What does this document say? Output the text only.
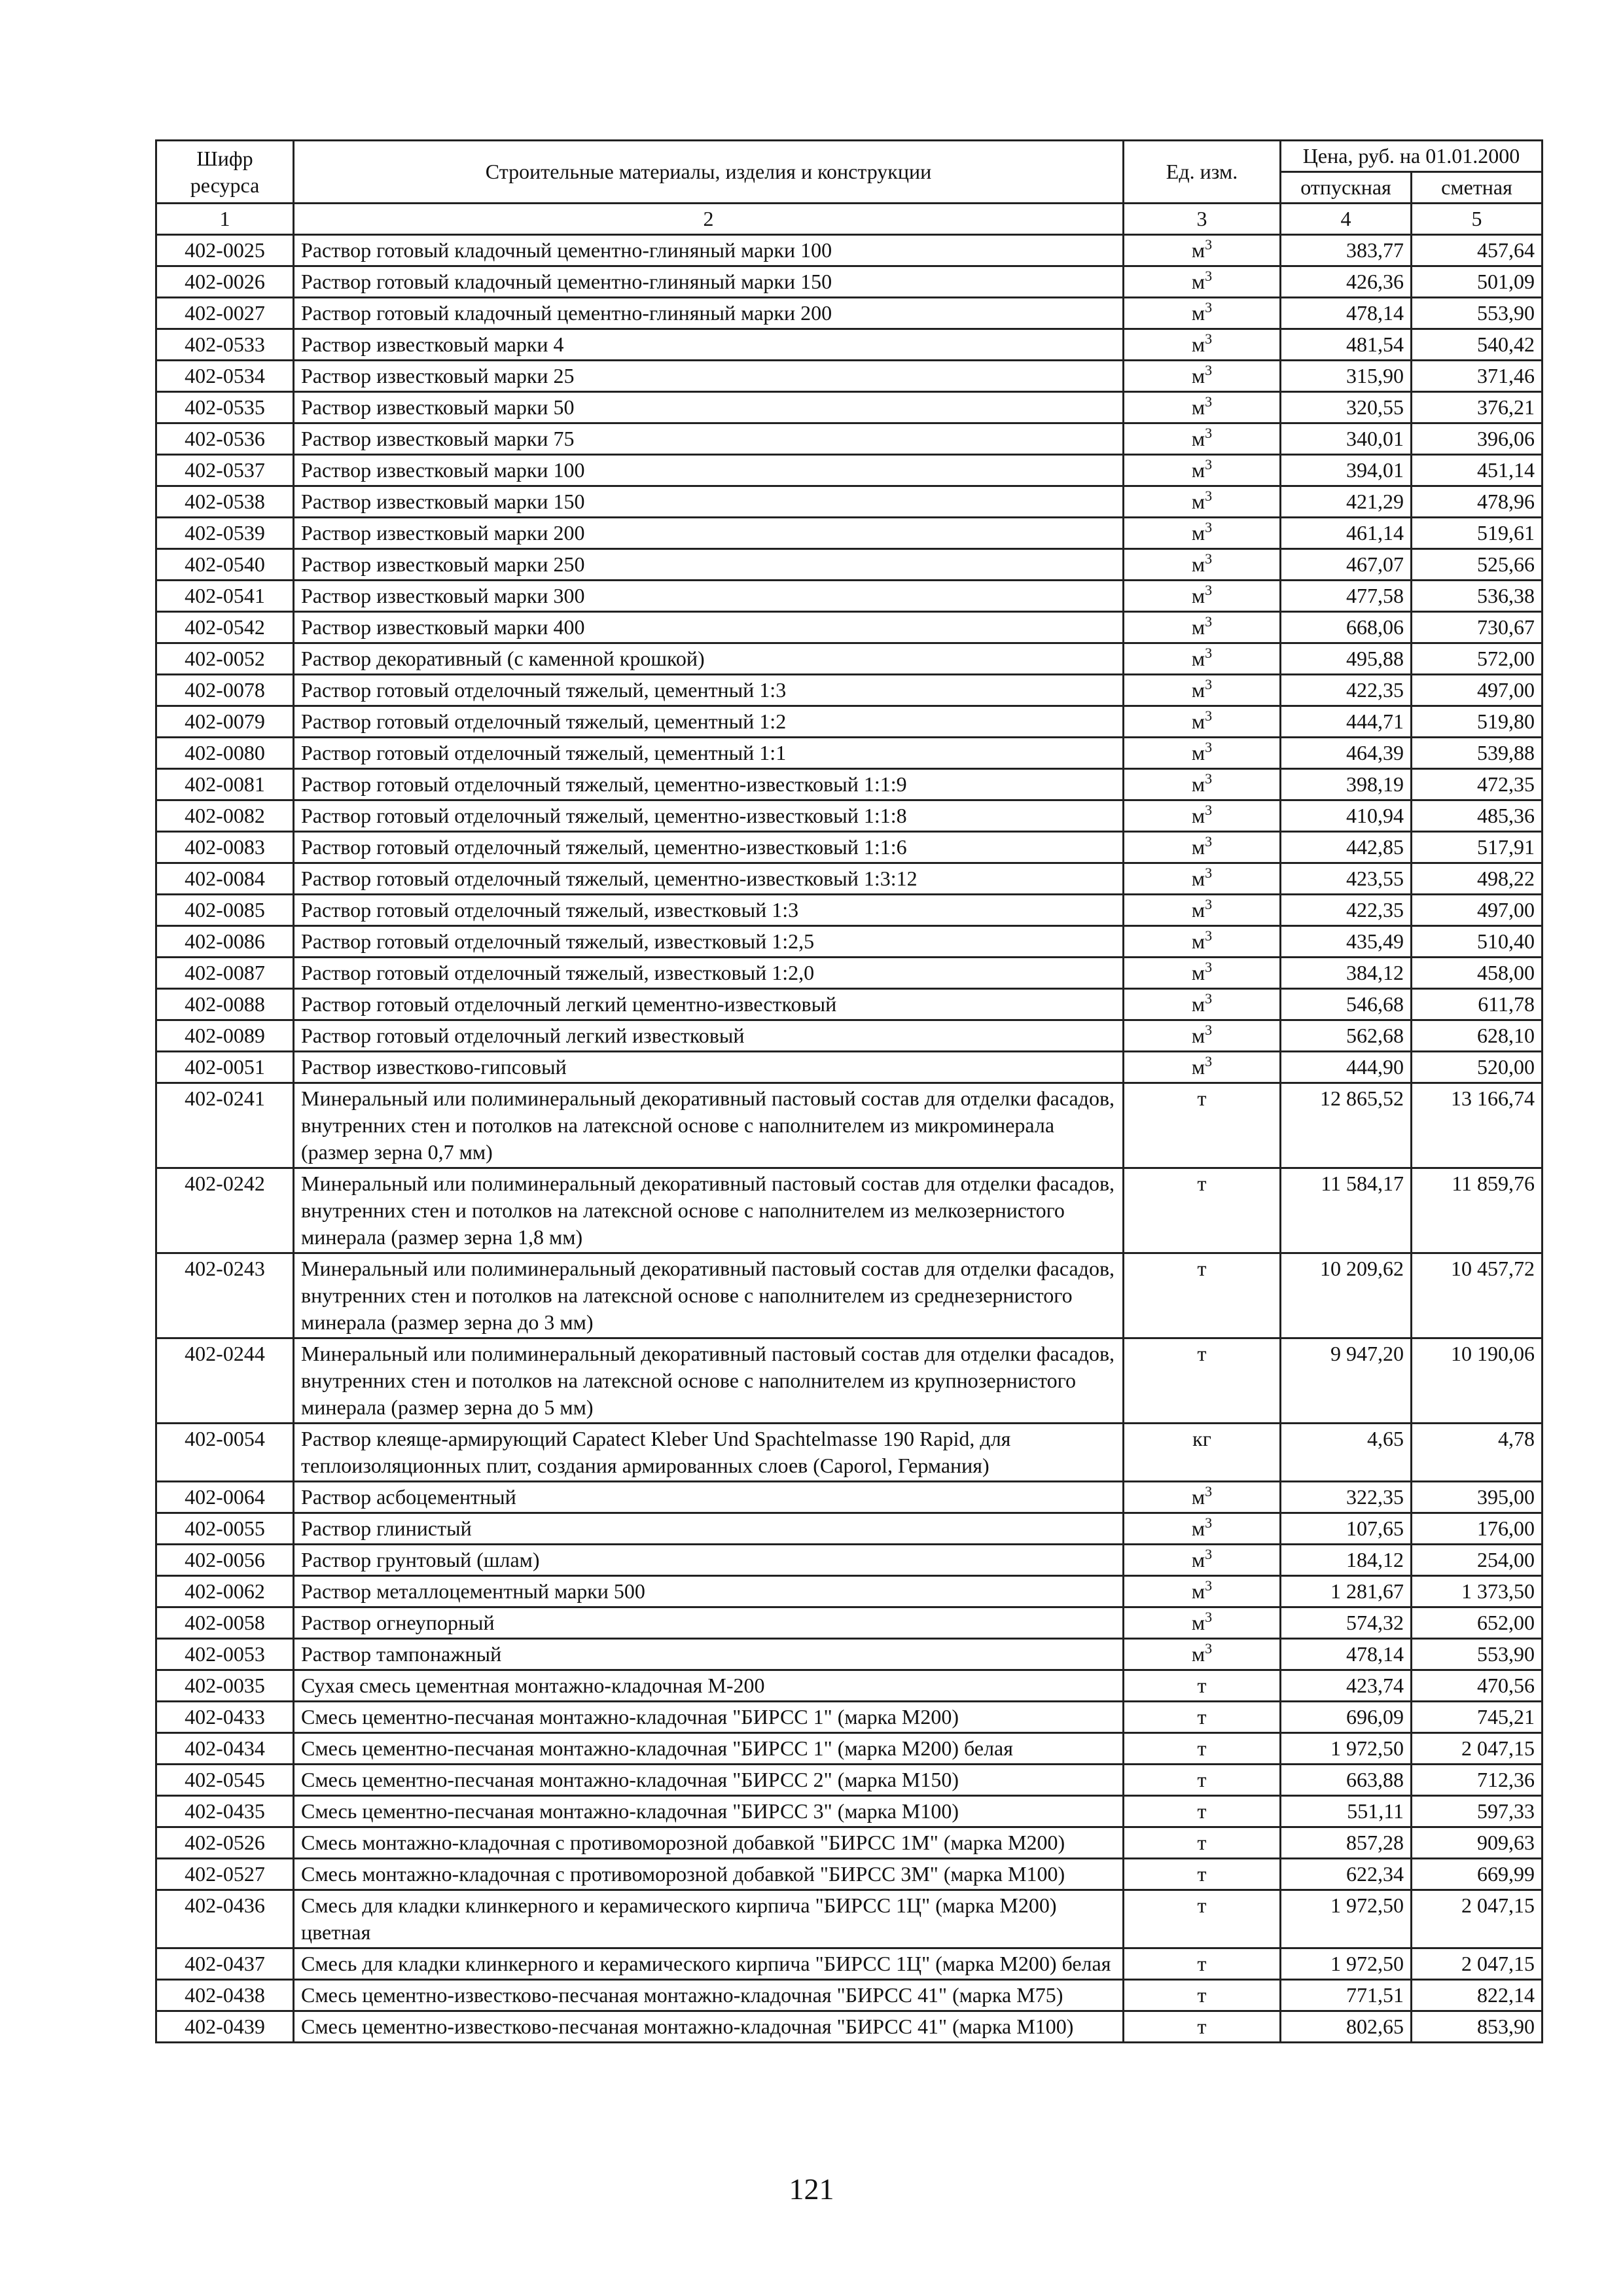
Шифр ресурса	Строительные материалы, изделия и конструкции	Ед. изм.	Цена, руб. на 01.01.2000	
			отпускная	сметная
1	2	3	4	5
402-0025	Раствор готовый кладочный цементно-глиняный марки 100	$м^3$	383,77	457,64
402-0026	Раствор готовый кладочный цементно-глиняный марки 150	$м^3$	426,36	501,09
402-0027	Раствор готовый кладочный цементно-глиняный марки 200	$м^3$	478,14	553,90
402-0533	Раствор известковый марки 4	$м^3$	481,54	540,42
402-0534	Раствор известковый марки 25	$м^3$	315,90	371,46
402-0535	Раствор известковый марки 50	$м^3$	320,55	376,21
402-0536	Раствор известковый марки 75	$м^3$	340,01	396,06
402-0537	Раствор известковый марки 100	$м^3$	394,01	451,14
402-0538	Раствор известковый марки 150	$м^3$	421,29	478,96
402-0539	Раствор известковый марки 200	$м^3$	461,14	519,61
402-0540	Раствор известковый марки 250	$м^3$	467,07	525,66
402-0541	Раствор известковый марки 300	$м^3$	477,58	536,38
402-0542	Раствор известковый марки 400	$м^3$	668,06	730,67
402-0052	Раствор декоративный (с каменной крошкой)	$м^3$	495,88	572,00
402-0078	Раствор готовый отделочный тяжелый, цементный 1:3	$м^3$	422,35	497,00
402-0079	Раствор готовый отделочный тяжелый, цементный 1:2	$м^3$	444,71	519,80
402-0080	Раствор готовый отделочный тяжелый, цементный 1:1	$м^3$	464,39	539,88
402-0081	Раствор готовый отделочный тяжелый, цементно-известковый 1:1:9	$м^3$	398,19	472,35
402-0082	Раствор готовый отделочный тяжелый, цементно-известковый 1:1:8	$м^3$	410,94	485,36
402-0083	Раствор готовый отделочный тяжелый, цементно-известковый 1:1:6	$м^3$	442,85	517,91
402-0084	Раствор готовый отделочный тяжелый, цементно-известковый 1:3:12	$м^3$	423,55	498,22
402-0085	Раствор готовый отделочный тяжелый, известковый 1:3	$м^3$	422,35	497,00
402-0086	Раствор готовый отделочный тяжелый, известковый 1:2,5	$м^3$	435,49	510,40
402-0087	Раствор готовый отделочный тяжелый, известковый 1:2,0	$м^3$	384,12	458,00
402-0088	Раствор готовый отделочный легкий цементно-известковый	$м^3$	546,68	611,78
402-0089	Раствор готовый отделочный легкий известковый	$м^3$	562,68	628,10
402-0051	Раствор известково-гипсовый	$м^3$	444,90	520,00
402-0241	Минеральный или полиминеральный декоративный пастовый состав для отделки фасадов, внутренних стен и потолков на латексной основе с наполнителем из микроминерала (размер зерна 0,7 мм)	т	12 865,52	13 166,74
402-0242	Минеральный или полиминеральный декоративный пастовый состав для отделки фасадов, внутренних стен и потолков на латексной основе с наполнителем из мелкозернистого минерала (размер зерна 1,8 мм)	т	11 584,17	11 859,76
402-0243	Минеральный или полиминеральный декоративный пастовый состав для отделки фасадов, внутренних стен и потолков на латексной основе с наполнителем из среднезернистого минерала (размер зерна до 3 мм)	т	10 209,62	10 457,72
402-0244	Минеральный или полиминеральный декоративный пастовый состав для отделки фасадов, внутренних стен и потолков на латексной основе с наполнителем из крупнозернистого минерала (размер зерна до 5 мм)	т	9 947,20	10 190,06
402-0054	Раствор клеяще-армирующий Capatect Kleber Und Spachtelmasse 190 Rapid, для теплоизоляционных плит, создания армированных слоев (Caporol, Германия)	кг	4,65	4,78
402-0064	Раствор асбоцементный	$м^3$	322,35	395,00
402-0055	Раствор глинистый	$м^3$	107,65	176,00
402-0056	Раствор грунтовый (шлам)	$м^3$	184,12	254,00
402-0062	Раствор металлоцементный марки 500	$м^3$	1 281,67	1 373,50
402-0058	Раствор огнеупорный	$м^3$	574,32	652,00
402-0053	Раствор тампонажный	$м^3$	478,14	553,90
402-0035	Сухая смесь цементная монтажно-кладочная М-200	т	423,74	470,56
402-0433	Смесь цементно-песчаная монтажно-кладочная "БИРСС 1" (марка М200)	т	696,09	745,21
402-0434	Смесь цементно-песчаная монтажно-кладочная "БИРСС 1" (марка М200) белая	т	1 972,50	2 047,15
402-0545	Смесь цементно-песчаная монтажно-кладочная "БИРСС 2" (марка М150)	т	663,88	712,36
402-0435	Смесь цементно-песчаная монтажно-кладочная "БИРСС 3" (марка М100)	т	551,11	597,33
402-0526	Смесь монтажно-кладочная с противоморозной добавкой "БИРСС 1М" (марка М200)	т	857,28	909,63
402-0527	Смесь монтажно-кладочная с противоморозной добавкой "БИРСС 3М" (марка М100)	т	622,34	669,99
402-0436	Смесь для кладки клинкерного и керамического кирпича "БИРСС 1Ц" (марка М200) цветная	т	1 972,50	2 047,15
402-0437	Смесь для кладки клинкерного и керамического кирпича "БИРСС 1Ц" (марка М200) белая	т	1 972,50	2 047,15
402-0438	Смесь цементно-известково-песчаная монтажно-кладочная "БИРСС 41" (марка М75)	т	771,51	822,14
402-0439	Смесь цементно-известково-песчаная монтажно-кладочная "БИРСС 41" (марка М100)	т	802,65	853,90
121
